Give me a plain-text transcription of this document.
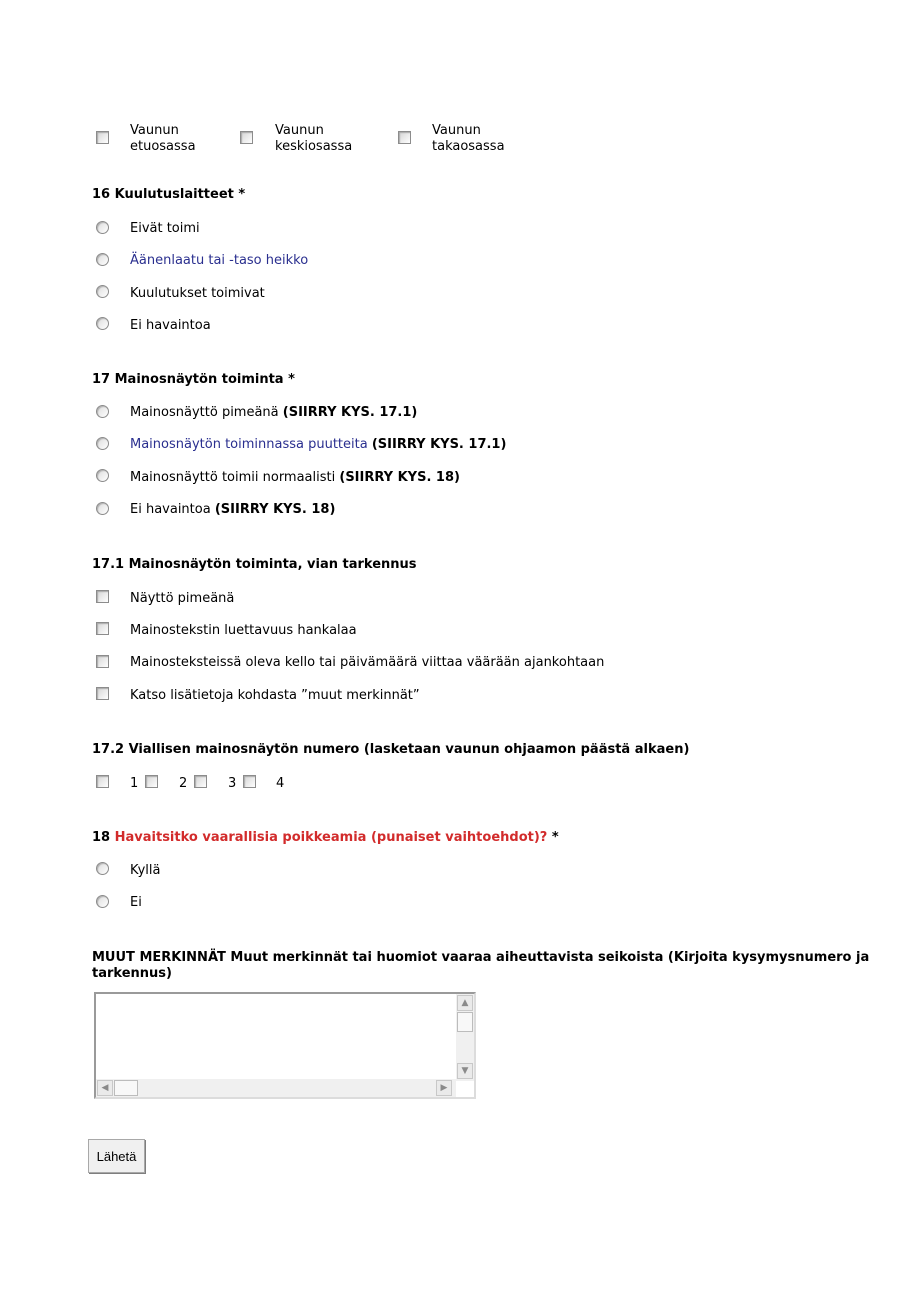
Vaunun
etuosassa
Vaunun
keskiosassa
Vaunun
takaosassa
16 Kuulutuslaitteet *
Eivät toimi
Äänenlaatu tai -taso heikko
Kuulutukset toimivat
Ei havaintoa
17 Mainosnäytön toiminta *
Mainosnäyttö pimeänä (SIIRRY KYS. 17.1)
Mainosnäytön toiminnassa puutteita (SIIRRY KYS. 17.1)
Mainosnäyttö toimii normaalisti (SIIRRY KYS. 18)
Ei havaintoa (SIIRRY KYS. 18)
17.1 Mainosnäytön toiminta, vian tarkennus
Näyttö pimeänä
Mainostekstin luettavuus hankalaa
Mainosteksteissä oleva kello tai päivämäärä viittaa väärään ajankohtaan
Katso lisätietoja kohdasta ”muut merkinnät”
17.2 Viallisen mainosnäytön numero (lasketaan vaunun ohjaamon päästä alkaen)
1	2	3	4
18 Havaitsitko vaarallisia poikkeamia (punaiset vaihtoehdot)? *
Kyllä
Ei
MUUT MERKINNÄT Muut merkinnät tai huomiot vaaraa aiheuttavista seikoista (Kirjoita kysymysnumero ja
tarkennus)
▲
▼
◀	▶
Lähetä
